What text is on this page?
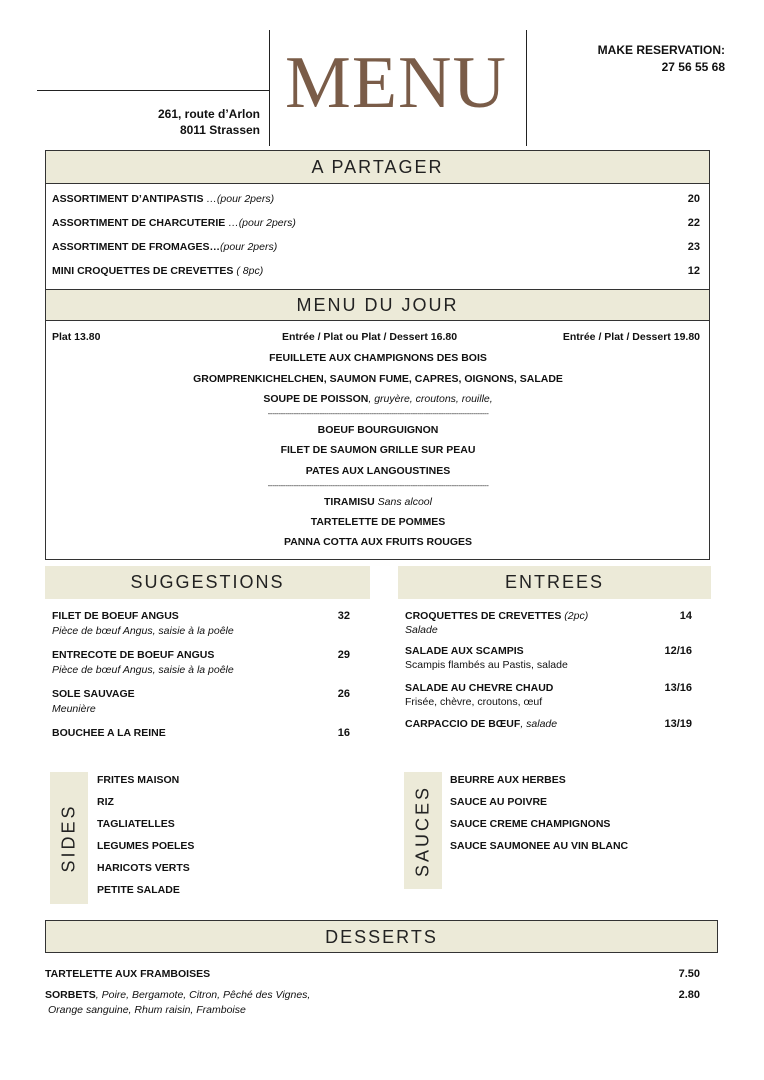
MENU
261, route d’Arlon
8011 Strassen
MAKE RESERVATION:
27 56 55 68
A PARTAGER
ASSORTIMENT D’ANTIPASTIS …(pour 2pers)	20
ASSORTIMENT DE CHARCUTERIE …(pour 2pers)	22
ASSORTIMENT DE FROMAGES…(pour 2pers)	23
MINI CROQUETTES DE CREVETTES ( 8pc)	12
MENU DU JOUR
Plat 13.80	Entrée / Plat ou Plat / Dessert 16.80	Entrée / Plat / Dessert 19.80
FEUILLETE AUX CHAMPIGNONS DES BOIS
GROMPRENKICHELCHEN, SAUMON FUME, CAPRES, OIGNONS, SALADE
SOUPE DE POISSON, gruyère, croutons, rouille,
------------------------------------------------------------------------------------------------------
BOEUF BOURGUIGNON
FILET DE SAUMON GRILLE SUR PEAU
PATES AUX LANGOUSTINES
------------------------------------------------------------------------------------------------------
TIRAMISU Sans alcool
TARTELETTE DE POMMES
PANNA COTTA AUX FRUITS ROUGES
SUGGESTIONS
FILET DE BOEUF ANGUS	32
Pièce de bœuf Angus, saisie à la poêle
ENTRECOTE DE BOEUF ANGUS	29
Pièce de bœuf Angus, saisie à la poêle
SOLE SAUVAGE	26
Meunière
BOUCHEE A LA REINE	16
ENTREES
CROQUETTES DE CREVETTES (2pc)	14
Salade
SALADE AUX SCAMPIS	12/16
Scampis flambés au Pastis, salade
SALADE AU CHEVRE CHAUD	13/16
Frisée, chèvre, croutons, œuf
CARPACCIO DE BŒUF, salade	13/19
SIDES
FRITES MAISON
RIZ
TAGLIATELLES
LEGUMES POELES
HARICOTS VERTS
PETITE SALADE
SAUCES
BEURRE AUX HERBES
SAUCE AU POIVRE
SAUCE CREME CHAMPIGNONS
SAUCE SAUMONEE AU VIN BLANC
DESSERTS
TARTELETTE AUX FRAMBOISES	7.50
SORBETS, Poire, Bergamote, Citron, Pêché des Vignes,	2.80
Orange sanguine, Rhum raisin, Framboise
